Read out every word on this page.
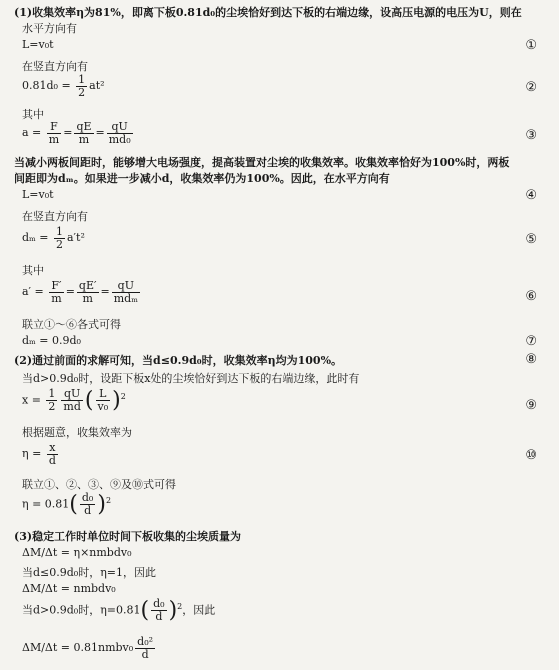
(1)收集效率η为81%，即离下板0.81d₀的尘埃恰好到达下板的右端边缘，设高压电源的电压为U，则在
水平方向有
L=v₀t	①
在竖直方向有
$0.81d_0 = \frac{1}{2} at^2$	②
其中
$a = \frac{F}{m} = \frac{qE}{m} = \frac{qU}{\text{md₀}}$	③
当减小两板间距时，能够增大电场强度，提高装置对尘埃的收集效率。收集效率恰好为100%时，两板
间距即为dₘ。如果进一步减小d，收集效率仍为100%。因此，在水平方向有
L=v₀t	④
在竖直方向有
$d_m = \frac{1}{2} a't^2$	⑤
其中
$a' = \frac{F'}{m} = \frac{qE'}{m} = \frac{qU}{\text{mdₘ}}$	⑥
联立①～⑥各式可得
dₘ = 0.9d₀	⑦
(2)通过前面的求解可知，当d≤0.9d₀时，收集效率η均为100%。	⑧
当d>0.9d₀时，设距下板x处的尘埃恰好到达下板的右端边缘，此时有
$x = \frac{1}{2} \frac{qU}{md}$ ( $\frac{L}{\text{v₀}} )^2$
⑨
根据题意，收集效率为
$\eta = \frac{x}{d}$	⑩
联立①、②、③、⑨及⑩式可得
$\eta = 0.81( \frac{\text{d₀}}{d} )^2$
(3)稳定工作时单位时间下板收集的尘埃质量为
ΔM/Δt = η×nmbdv₀
当d≤0.9d₀时，η=1，因此
ΔM/Δt = nmbdv₀
当d>0.9d₀时，$\eta=0.81( \frac{\text{d₀}}{d} )^2$，因此
ΔM/Δt = 0.81nmbv₀ $\frac{\text{d₀²}}{d}$
